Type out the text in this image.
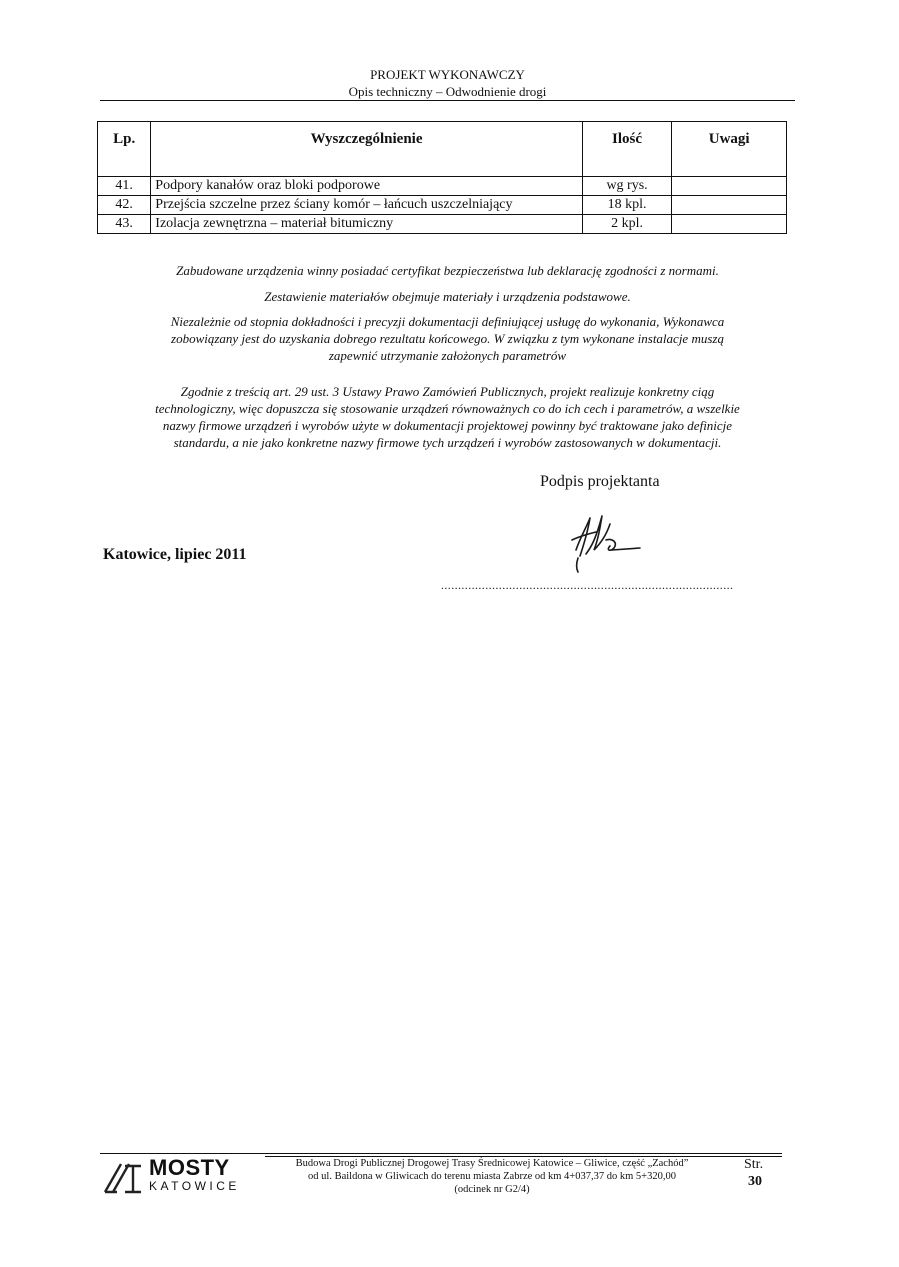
PROJEKT WYKONAWCZY
Opis techniczny – Odwodnienie drogi
Lp.	Wyszczególnienie	Ilość	Uwagi
41.	Podpory kanałów oraz bloki podporowe	wg rys.	
42.	Przejścia szczelne przez ściany komór – łańcuch uszczelniający	18 kpl.	
43.	Izolacja zewnętrzna – materiał bitumiczny	2 kpl.	
Zabudowane urządzenia winny posiadać certyfikat bezpieczeństwa lub deklarację zgodności z normami.
Zestawienie materiałów obejmuje materiały i urządzenia podstawowe.
Niezależnie od stopnia dokładności i precyzji dokumentacji definiującej usługę do wykonania, Wykonawca
zobowiązany jest do uzyskania dobrego rezultatu końcowego. W związku z tym wykonane instalacje muszą
zapewnić utrzymanie założonych parametrów
Zgodnie z treścią art. 29 ust. 3 Ustawy Prawo Zamówień Publicznych, projekt realizuje konkretny ciąg
technologiczny, więc dopuszcza się stosowanie urządzeń równoważnych co do ich cech i parametrów, a wszelkie
nazwy firmowe urządzeń i wyrobów użyte w dokumentacji projektowej powinny być traktowane jako definicje
standardu, a nie jako konkretne nazwy firmowe tych urządzeń i wyrobów zastosowanych w dokumentacji.
Podpis projektanta
Katowice, lipiec 2011
......................................................................................
MOSTY
KATOWICE
Budowa Drogi Publicznej Drogowej Trasy Średnicowej Katowice – Gliwice, część „Zachód”
od ul. Baildona w Gliwicach do terenu miasta Zabrze od km 4+037,37 do km 5+320,00
(odcinek nr G2/4)
Str.
30
